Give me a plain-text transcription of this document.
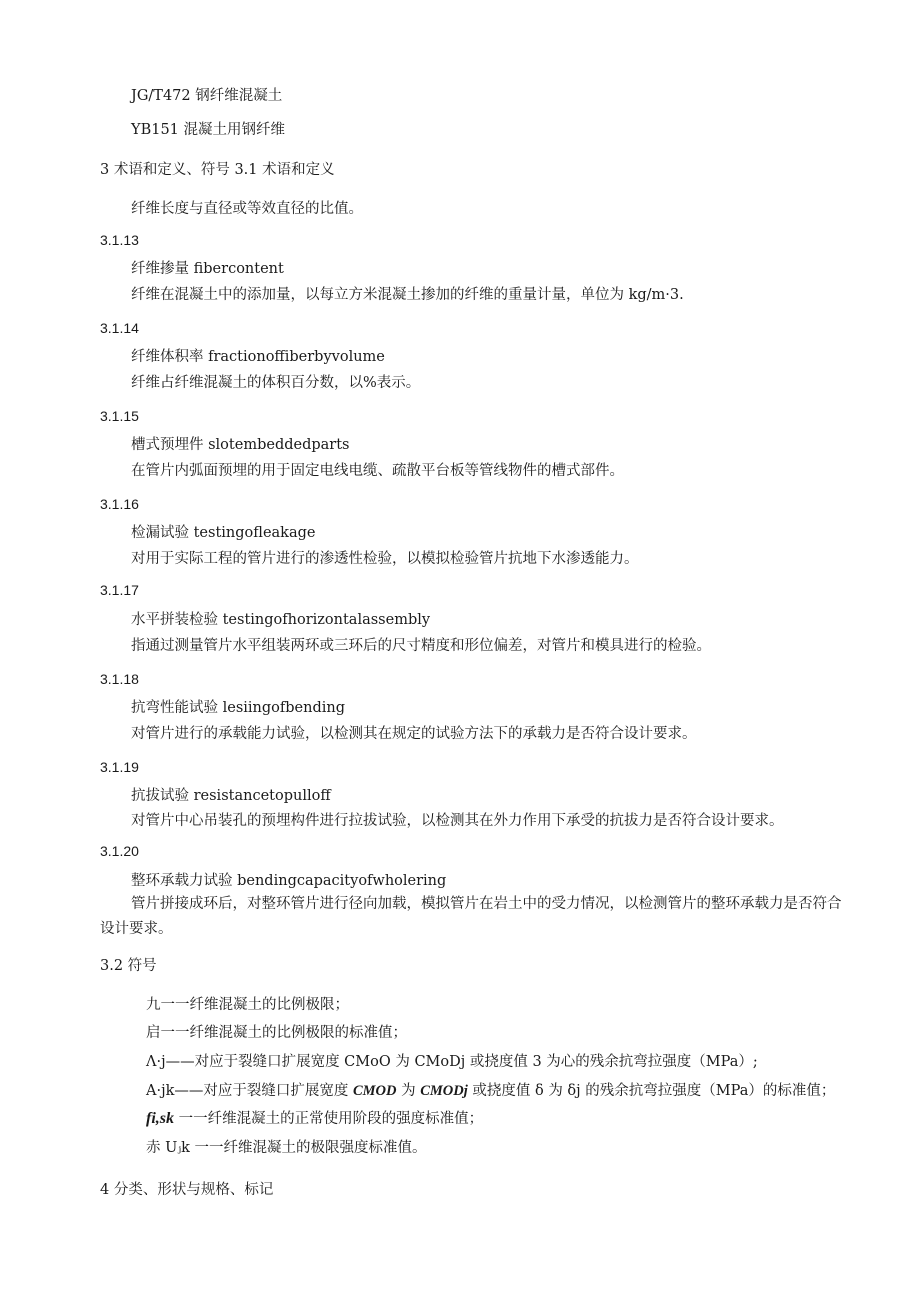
JG/T472 钢纤维混凝土
YB151 混凝土用钢纤维
3 术语和定义、符号 3.1 术语和定义
纤维长度与直径或等效直径的比值。
3.1.13
纤维掺量 fibercontent
纤维在混凝土中的添加量，以每立方米混凝土掺加的纤维的重量计量，单位为 kg/m·3.
3.1.14
纤维体积率 fractionoffiberbyvolume
纤维占纤维混凝土的体积百分数，以%表示。
3.1.15
槽式预埋件 slotembeddedparts
在管片内弧面预埋的用于固定电线电缆、疏散平台板等管线物件的槽式部件。
3.1.16
检漏试验 testingofleakage
对用于实际工程的管片进行的渗透性检验，以模拟检验管片抗地下水渗透能力。
3.1.17
水平拼装检验 testingofhorizontalassembly
指通过测量管片水平组装两环或三环后的尺寸精度和形位偏差，对管片和模具进行的检验。
3.1.18
抗弯性能试验 lesiingofbending
对管片进行的承载能力试验，以检测其在规定的试验方法下的承载力是否符合设计要求。
3.1.19
抗拔试验 resistancetopulloff
对管片中心吊装孔的预埋构件进行拉拔试验，以检测其在外力作用下承受的抗拔力是否符合设计要求。
3.1.20
整环承载力试验 bendingcapacityofwholering
管片拼接成环后，对整环管片进行径向加载，模拟管片在岩土中的受力情况，以检测管片的整环承载力是否符合设计要求。
3.2 符号
九一一纤维混凝土的比例极限；
启一一纤维混凝土的比例极限的标准值；
Λ·j——对应于裂缝口扩展宽度 CMoO 为 CMoDj 或挠度值 3 为心的残余抗弯拉强度（MPa）;
A·jk——对应于裂缝口扩展宽度 CMOD 为 CMODj 或挠度值 δ 为 δj 的残余抗弯拉强度（MPa）的标准值；
fi,sk 一一纤维混凝土的正常使用阶段的强度标准值；
赤 Uⱼk 一一纤维混凝土的极限强度标准值。
4 分类、形状与规格、标记
